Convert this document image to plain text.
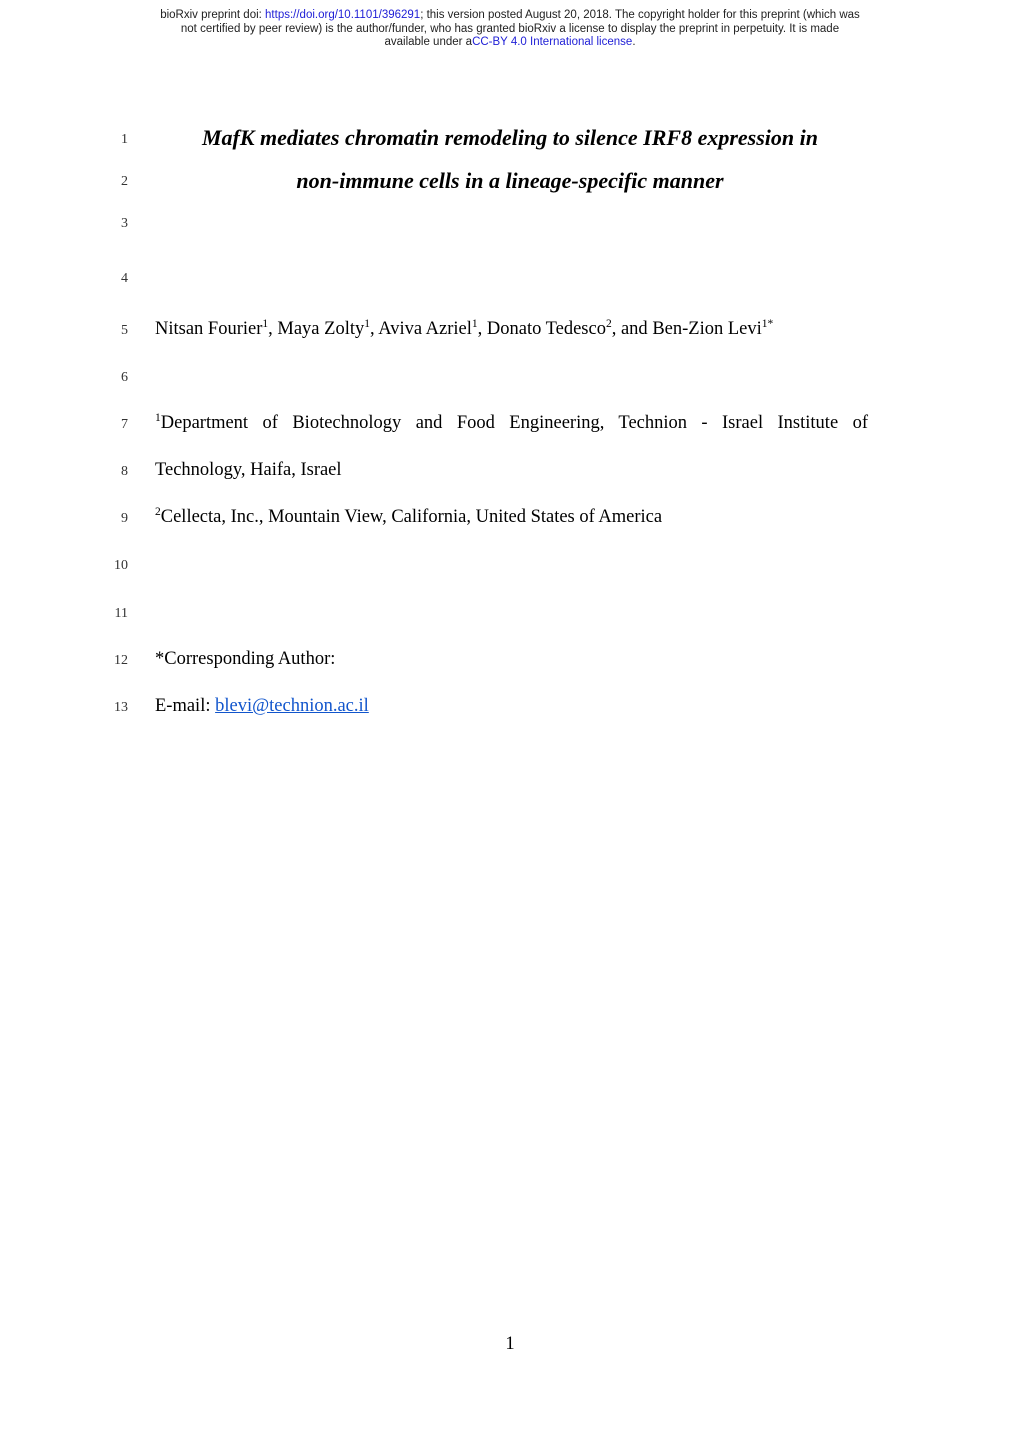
bioRxiv preprint doi: https://doi.org/10.1101/396291; this version posted August 20, 2018. The copyright holder for this preprint (which was
not certified by peer review) is the author/funder, who has granted bioRxiv a license to display the preprint in perpetuity. It is made
available under aCC-BY 4.0 International license.
1
2
3
4
5
6
7
8
9
10
11
12
13
MafK mediates chromatin remodeling to silence IRF8 expression in
non-immune cells in a lineage-specific manner
Nitsan Fourier$^1$, Maya Zolty$^1$, Aviva Azriel$^1$, Donato Tedesco$^2$, and Ben-Zion Levi$^{1*}$
$^1$Department of Biotechnology and Food Engineering, Technion - Israel Institute of
Technology, Haifa, Israel
$^2$Cellecta, Inc., Mountain View, California, United States of America
*Corresponding Author:
E-mail: blevi@technion.ac.il
1
